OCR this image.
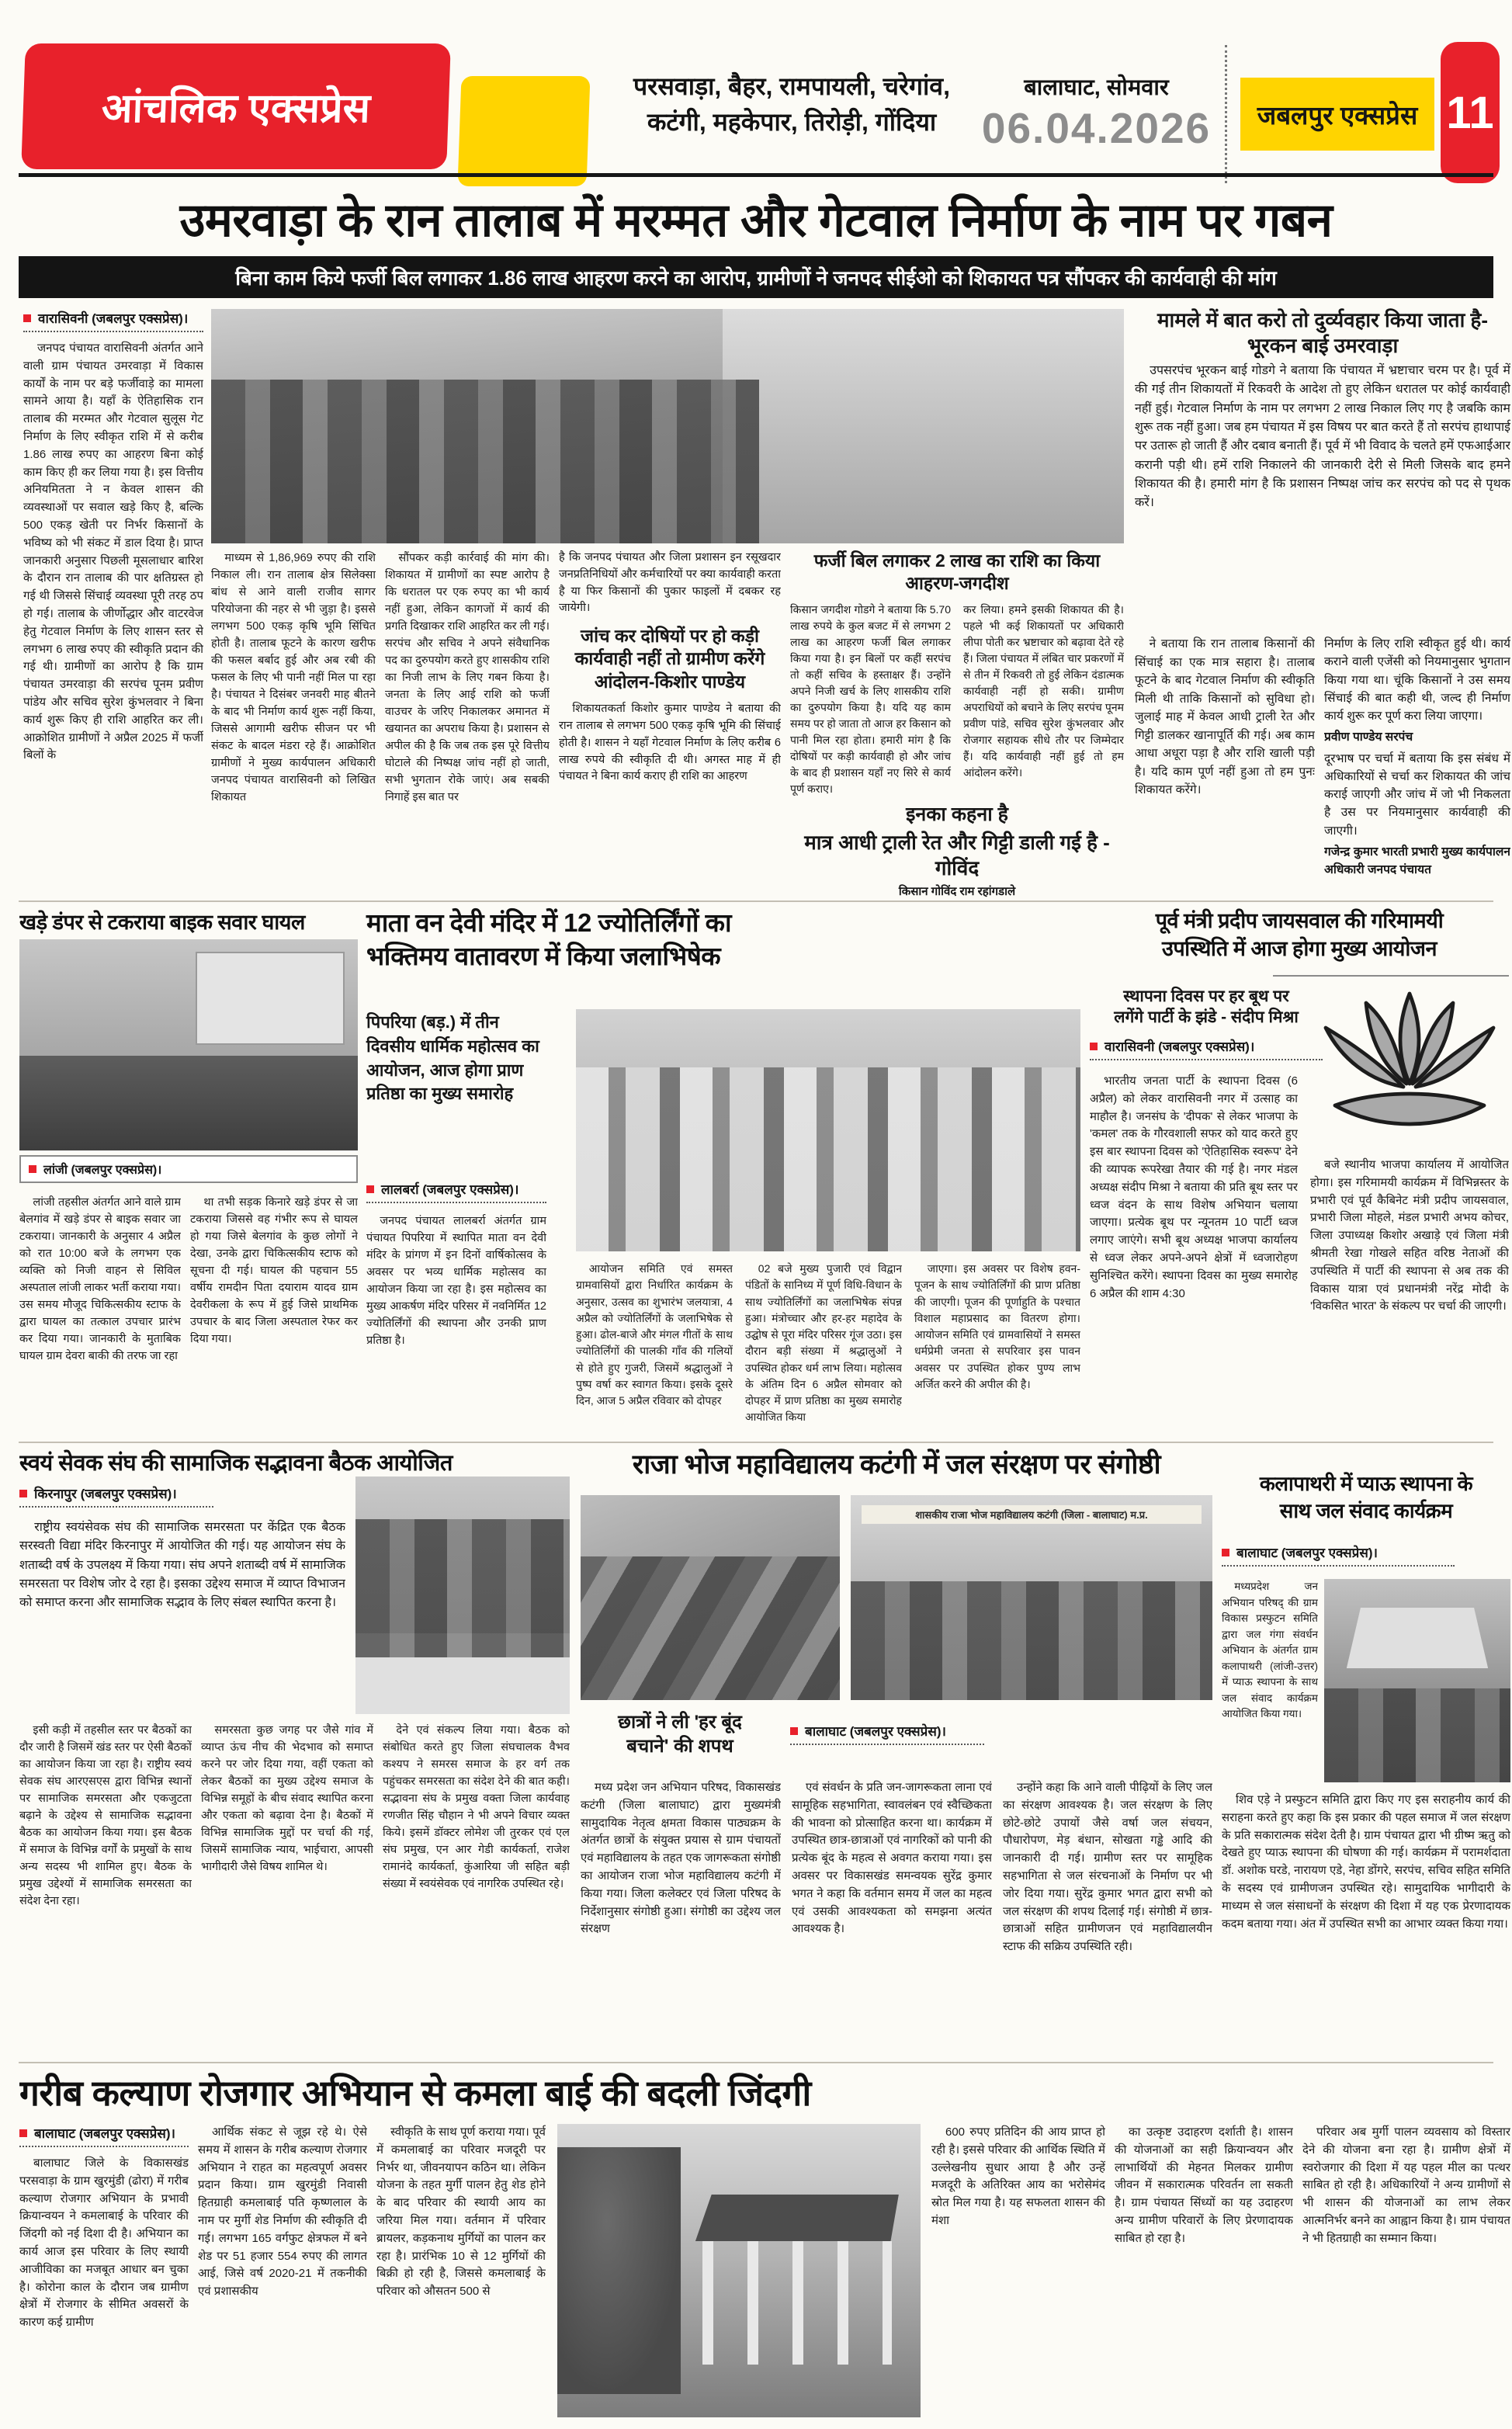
आंचलिक एक्सप्रेस	परसवाड़ा, बैहर, रामपायली, चरेगांव,
कटंगी, महकेपार, तिरोड़ी, गोंदिया
बालाघाट, सोमवार
06.04.2026 जबलपुर एक्सप्रेस 11
उमरवाड़ा के रान तालाब में मरम्मत और गेटवाल निर्माण के नाम पर गबन
बिना काम किये फर्जी बिल लगाकर 1.86 लाख आहरण करने का आरोप, ग्रामीणों ने जनपद सीईओ को शिकायत पत्र सौंपकर की कार्यवाही की मांग
वारासिवनी (जबलपुर एक्सप्रेस)।
जनपद पंचायत वारासिवनी अंतर्गत आने वाली ग्राम पंचायत उमरवाड़ा में विकास कार्यों के नाम पर बड़े फर्जीवाड़े का मामला सामने आया है। यहाँ के ऐतिहासिक रान तालाब की मरम्मत और गेटवाल सुलूस गेट निर्माण के लिए स्वीकृत राशि में से करीब 1.86 लाख रुपए का आहरण बिना कोई काम किए ही कर लिया गया है। इस वित्तीय अनियमितता ने न केवल शासन की व्यवस्थाओं पर सवाल खड़े किए है, बल्कि 500 एकड़ खेती पर निर्भर किसानों के भविष्य को भी संकट में डाल दिया है। प्राप्त जानकारी अनुसार पिछली मूसलाधार बारिश के दौरान रान तालाब की पार क्षतिग्रस्त हो गई थी जिससे सिंचाई व्यवस्था पूरी तरह ठप हो गई। तालाब के जीर्णोद्धार और वाटरवेज हेतु गेटवाल निर्माण के लिए शासन स्तर से लगभग 6 लाख रुपए की स्वीकृति प्रदान की गई थी। ग्रामीणों का आरोप है कि ग्राम पंचायत उमरवाड़ा की सरपंच पूनम प्रवीण पांडेय और सचिव सुरेश कुंभलवार ने बिना कार्य शुरू किए ही राशि आहरित कर ली। आक्रोशित ग्रामीणों ने अप्रैल 2025 में फर्जी बिलों के
मामले में बात करो तो दुर्व्यवहार किया जाता है-भूरकन बाई उमरवाड़ा
उपसरपंच भूरकन बाई गोडगे ने बताया कि पंचायत में भ्रष्टाचार चरम पर है। पूर्व में की गई तीन शिकायतों में रिकवरी के आदेश तो हुए लेकिन धरातल पर कोई कार्यवाही नहीं हुई। गेटवाल निर्माण के नाम पर लगभग 2 लाख निकाल लिए गए है जबकि काम शुरू तक नहीं हुआ। जब हम पंचायत में इस विषय पर बात करते हैं तो सरपंच हाथापाई पर उतारू हो जाती हैं और दबाव बनाती हैं। पूर्व में भी विवाद के चलते हमें एफआईआर करानी पड़ी थी। हमें राशि निकालने की जानकारी देरी से मिली जिसके बाद हमने शिकायत की है। हमारी मांग है कि प्रशासन निष्पक्ष जांच कर सरपंच को पद से पृथक करें।
ने बताया कि रान तालाब किसानों की सिंचाई का एक मात्र सहारा है। तालाब फूटने के बाद गेटवाल निर्माण की स्वीकृति मिली थी ताकि किसानों को सुविधा हो। जुलाई माह में केवल आधी ट्राली रेत और गिट्टी डालकर खानापूर्ति की गई। अब काम आधा अधूरा पड़ा है और राशि खाली पड़ी है। यदि काम पूर्ण नहीं हुआ तो हम पुनः शिकायत करेंगे।
निर्माण के लिए राशि स्वीकृत हुई थी। कार्य कराने वाली एजेंसी को नियमानुसार भुगतान किया गया था। चूंकि किसानों ने उस समय सिंचाई की बात कही थी, जल्द ही निर्माण कार्य शुरू कर पूर्ण करा लिया जाएगा।
प्रवीण पाण्डेय सरपंच
दूरभाष पर चर्चा में बताया कि इस संबंध में अधिकारियों से चर्चा कर शिकायत की जांच कराई जाएगी और जांच में जो भी निकलता है उस पर नियमानुसार कार्यवाही की जाएगी।
गजेन्द्र कुमार भारती प्रभारी मुख्य कार्यपालन अधिकारी जनपद पंचायत
माध्यम से 1,86,969 रुपए की राशि निकाल ली। रान तालाब क्षेत्र सिलेक्सा बांध से आने वाली राजीव सागर परियोजना की नहर से भी जुड़ा है। इससे लगभग 500 एकड़ कृषि भूमि सिंचित होती है। तालाब फूटने के कारण खरीफ की फसल बर्बाद हुई और अब रबी की फसल के लिए भी पानी नहीं मिल पा रहा है। पंचायत ने दिसंबर जनवरी माह बीतने के बाद भी निर्माण कार्य शुरू नहीं किया, जिससे आगामी खरीफ सीजन पर भी संकट के बादल मंडरा रहे हैं। आक्रोशित ग्रामीणों ने मुख्य कार्यपालन अधिकारी जनपद पंचायत वारासिवनी को लिखित शिकायत
सौंपकर कड़ी कार्रवाई की मांग की। शिकायत में ग्रामीणों का स्पष्ट आरोप है कि धरातल पर एक रुपए का भी कार्य नहीं हुआ, लेकिन कागजों में कार्य की प्रगति दिखाकर राशि आहरित कर ली गई। सरपंच और सचिव ने अपने संवैधानिक पद का दुरुपयोग करते हुए शासकीय राशि का निजी लाभ के लिए गबन किया है। जनता के लिए आई राशि को फर्जी वाउचर के जरिए निकालकर अमानत में खयानत का अपराध किया है। प्रशासन से अपील की है कि जब तक इस पूरे वित्तीय घोटाले की निष्पक्ष जांच नहीं हो जाती, सभी भुगतान रोके जाएं। अब सबकी निगाहें इस बात पर
है कि जनपद पंचायत और जिला प्रशासन इन रसूखदार जनप्रतिनिधियों और कर्मचारियों पर क्या कार्यवाही करता है या फिर किसानों की पुकार फाइलों में दबकर रह जायेगी।
जांच कर दोषियों पर हो कड़ी कार्यवाही नहीं तो ग्रामीण करेंगे आंदोलन-किशोर पाण्डेय
शिकायतकर्ता किशोर कुमार पाण्डेय ने बताया की रान तालाब से लगभग 500 एकड़ कृषि भूमि की सिंचाई होती है। शासन ने यहाँ गेटवाल निर्माण के लिए करीब 6 लाख रुपये की स्वीकृति दी थी। अगस्त माह में ही पंचायत ने बिना कार्य कराए ही राशि का आहरण
फर्जी बिल लगाकर 2 लाख का राशि का किया आहरण-जगदीश
किसान जगदीश गोडगे ने बताया कि 5.70 लाख रुपये के कुल बजट में से लगभग 2 लाख का आहरण फर्जी बिल लगाकर किया गया है। इन बिलों पर कहीं सरपंच तो कहीं सचिव के हस्ताक्षर हैं। उन्होंने अपने निजी खर्च के लिए शासकीय राशि का दुरुपयोग किया है। यदि यह काम समय पर हो जाता तो आज हर किसान को पानी मिल रहा होता। हमारी मांग है कि दोषियों पर कड़ी कार्यवाही हो और जांच के बाद ही प्रशासन यहाँ नए सिरे से कार्य पूर्ण कराए।
कर लिया। हमने इसकी शिकायत की है। पहले भी कई शिकायतों पर अधिकारी लीपा पोती कर भ्रष्टाचार को बढ़ावा देते रहे हैं। जिला पंचायत में लंबित चार प्रकरणों में से तीन में रिकवरी तो हुई लेकिन दंडात्मक कार्यवाही नहीं हो सकी। ग्रामीण अपराधियों को बचाने के लिए सरपंच पूनम प्रवीण पांडे, सचिव सुरेश कुंभलवार और रोजगार सहायक सीधे तौर पर जिम्मेदार हैं। यदि कार्यवाही नहीं हुई तो हम आंदोलन करेंगे।
इनका कहना है
मात्र आधी ट्राली रेत और गिट्टी डाली गई है - गोविंद
किसान गोविंद राम रहांगडाले
खड़े डंपर से टकराया बाइक सवार घायल
लांजी (जबलपुर एक्सप्रेस)।
लांजी तहसील अंतर्गत आने वाले ग्राम बेलगांव में खड़े डंपर से बाइक सवार जा टकराया। जानकारी के अनुसार 4 अप्रैल को रात 10:00 बजे के लगभग एक व्यक्ति को निजी वाहन से सिविल अस्पताल लांजी लाकर भर्ती कराया गया। उस समय मौजूद चिकित्सकीय स्टाफ के द्वारा घायल का तत्काल उपचार प्रारंभ कर दिया गया। जानकारी के मुताबिक घायल ग्राम देवरा बाकी की तरफ जा रहा
था तभी सड़क किनारे खड़े डंपर से जा टकराया जिससे वह गंभीर रूप से घायल हो गया जिसे बेलगांव के कुछ लोगों ने देखा, उनके द्वारा चिकित्सकीय स्टाफ को सूचना दी गई। घायल की पहचान 55 वर्षीय रामदीन पिता दयाराम यादव ग्राम देवरीकला के रूप में हुई जिसे प्राथमिक उपचार के बाद जिला अस्पताल रेफर कर दिया गया।
माता वन देवी मंदिर में 12 ज्योतिर्लिंगों का
भक्तिमय वातावरण में किया जलाभिषेक
पिपरिया (बड़.) में तीन दिवसीय धार्मिक महोत्सव का आयोजन, आज होगा प्राण प्रतिष्ठा का मुख्य समारोह
लालबर्रा (जबलपुर एक्सप्रेस)।
जनपद पंचायत लालबर्रा अंतर्गत ग्राम पंचायत पिपरिया में स्थापित माता वन देवी मंदिर के प्रांगण में इन दिनों वार्षिकोत्सव के अवसर पर भव्य धार्मिक महोत्सव का आयोजन किया जा रहा है। इस महोत्सव का मुख्य आकर्षण मंदिर परिसर में नवनिर्मित 12 ज्योतिर्लिंगों की स्थापना और उनकी प्राण प्रतिष्ठा है।
आयोजन समिति एवं समस्त ग्रामवासियों द्वारा निर्धारित कार्यक्रम के अनुसार, उत्सव का शुभारंभ जलयात्रा, 4 अप्रैल को ज्योतिर्लिंगों के जलाभिषेक से हुआ। ढोल-बाजे और मंगल गीतों के साथ ज्योतिर्लिंगों की पालकी गाँव की गलियों से होते हुए गुजरी, जिसमें श्रद्धालुओं ने पुष्प वर्षा कर स्वागत किया। इसके दूसरे दिन, आज 5 अप्रैल रविवार को दोपहर
02 बजे मुख्य पुजारी एवं विद्वान पंडितों के सानिध्य में पूर्ण विधि-विधान के साथ ज्योतिर्लिंगों का जलाभिषेक संपन्न हुआ। मंत्रोच्चार और हर-हर महादेव के उद्घोष से पूरा मंदिर परिसर गूंज उठा। इस दौरान बड़ी संख्या में श्रद्धालुओं ने उपस्थित होकर धर्म लाभ लिया। महोत्सव के अंतिम दिन 6 अप्रैल सोमवार को दोपहर में प्राण प्रतिष्ठा का मुख्य समारोह आयोजित किया
जाएगा। इस अवसर पर विशेष हवन-पूजन के साथ ज्योतिर्लिंगों की प्राण प्रतिष्ठा की जाएगी। पूजन की पूर्णाहुति के पश्चात विशाल महाप्रसाद का वितरण होगा। आयोजन समिति एवं ग्रामवासियों ने समस्त धर्मप्रेमी जनता से सपरिवार इस पावन अवसर पर उपस्थित होकर पुण्य लाभ अर्जित करने की अपील की है।
पूर्व मंत्री प्रदीप जायसवाल की गरिमामयी
उपस्थिति में आज होगा मुख्य आयोजन
स्थापना दिवस पर हर बूथ पर
लगेंगे पार्टी के झंडे - संदीप मिश्रा
वारासिवनी (जबलपुर एक्सप्रेस)।
भारतीय जनता पार्टी के स्थापना दिवस (6 अप्रैल) को लेकर वारासिवनी नगर में उत्साह का माहौल है। जनसंघ के 'दीपक' से लेकर भाजपा के 'कमल' तक के गौरवशाली सफर को याद करते हुए इस बार स्थापना दिवस को 'ऐतिहासिक स्वरूप' देने की व्यापक रूपरेखा तैयार की गई है। नगर मंडल अध्यक्ष संदीप मिश्रा ने बताया की प्रति बूथ स्तर पर ध्वज वंदन के साथ विशेष अभियान चलाया जाएगा। प्रत्येक बूथ पर न्यूनतम 10 पार्टी ध्वज लगाए जाएंगे। सभी बूथ अध्यक्ष भाजपा कार्यालय से ध्वज लेकर अपने-अपने क्षेत्रों में ध्वजारोहण सुनिश्चित करेंगे। स्थापना दिवस का मुख्य समारोह 6 अप्रैल की शाम 4:30
बजे स्थानीय भाजपा कार्यालय में आयोजित होगा। इस गरिमामयी कार्यक्रम में विभिन्नस्तर के प्रभारी एवं पूर्व कैबिनेट मंत्री प्रदीप जायसवाल, प्रभारी जिला मोहले, मंडल प्रभारी अभय कोचर, जिला उपाध्यक्ष किशोर अखाड़े एवं जिला मंत्री श्रीमती रेखा गोखले सहित वरिष्ठ नेताओं की उपस्थिति में पार्टी की स्थापना से अब तक की विकास यात्रा एवं प्रधानमंत्री नरेंद्र मोदी के 'विकसित भारत' के संकल्प पर चर्चा की जाएगी।
स्वयं सेवक संघ की सामाजिक सद्भावना बैठक आयोजित
किरनापुर (जबलपुर एक्सप्रेस)।
राष्ट्रीय स्वयंसेवक संघ की सामाजिक समरसता पर केंद्रित एक बैठक सरस्वती विद्या मंदिर किरनापुर में आयोजित की गई। यह आयोजन संघ के शताब्दी वर्ष के उपलक्ष्य में किया गया। संघ अपने शताब्दी वर्ष में सामाजिक समरसता पर विशेष जोर दे रहा है। इसका उद्देश्य समाज में व्याप्त विभाजन को समाप्त करना और सामाजिक सद्भाव के लिए संबल स्थापित करना है।
इसी कड़ी में तहसील स्तर पर बैठकों का दौर जारी है जिसमें खंड स्तर पर ऐसी बैठकों का आयोजन किया जा रहा है। राष्ट्रीय स्वयं सेवक संघ आरएसएस द्वारा विभिन्न स्थानों पर सामाजिक समरसता और एकजुटता बढ़ाने के उद्देश्य से सामाजिक सद्भावना बैठक का आयोजन किया गया। इस बैठक में समाज के विभिन्न वर्गों के प्रमुखों के साथ अन्य सदस्य भी शामिल हुए। बैठक के प्रमुख उद्देश्यों में सामाजिक समरसता का संदेश देना रहा।
समरसता कुछ जगह पर जैसे गांव में व्याप्त ऊंच नीच की भेदभाव को समाप्त करने पर जोर दिया गया, वहीं एकता को लेकर बैठकों का मुख्य उद्देश्य समाज के विभिन्न समूहों के बीच संवाद स्थापित करना और एकता को बढ़ावा देना है। बैठकों में विभिन्न सामाजिक मुद्दों पर चर्चा की गई, जिसमें सामाजिक न्याय, भाईचारा, आपसी भागीदारी जैसे विषय शामिल थे।
देने एवं संकल्प लिया गया। बैठक को संबोधित करते हुए जिला संघचालक वैभव कश्यप ने समरस समाज के हर वर्ग तक पहुंचकर समरसता का संदेश देने की बात कही। सद्भावना संघ के प्रमुख वक्ता जिला कार्यवाह रणजीत सिंह चौहान ने भी अपने विचार व्यक्त किये। इसमें डॉक्टर लोमेश जी तुरकर एवं एल संघ प्रमुख, एन आर गेडी कार्यकर्ता, राजेश रामानंदे कार्यकर्ता, कुंआरिया जी सहित बड़ी संख्या में स्वयंसेवक एवं नागरिक उपस्थित रहे।
राजा भोज महाविद्यालय कटंगी में जल संरक्षण पर संगोष्ठी
शासकीय राजा भोज महाविद्यालय कटंगी (जिला - बालाघाट) म.प्र.
छात्रों ने ली 'हर बूंद
बचाने' की शपथ
बालाघाट (जबलपुर एक्सप्रेस)।
मध्य प्रदेश जन अभियान परिषद, विकासखंड कटंगी (जिला बालाघाट) द्वारा मुख्यमंत्री सामुदायिक नेतृत्व क्षमता विकास पाठ्यक्रम के अंतर्गत छात्रों के संयुक्त प्रयास से ग्राम पंचायतों एवं महाविद्यालय के तहत एक जागरूकता संगोष्ठी का आयोजन राजा भोज महाविद्यालय कटंगी में किया गया। जिला कलेक्टर एवं जिला परिषद के निर्देशानुसार संगोष्ठी हुआ। संगोष्ठी का उद्देश्य जल संरक्षण
एवं संवर्धन के प्रति जन-जागरूकता लाना एवं सामूहिक सहभागिता, स्वावलंबन एवं स्वैच्छिकता की भावना को प्रोत्साहित करना था। कार्यक्रम में उपस्थित छात्र-छात्राओं एवं नागरिकों को पानी की प्रत्येक बूंद के महत्व से अवगत कराया गया। इस अवसर पर विकासखंड समन्वयक सुरेंद्र कुमार भगत ने कहा कि वर्तमान समय में जल का महत्व एवं उसकी आवश्यकता को समझना अत्यंत आवश्यक है।
उन्होंने कहा कि आने वाली पीढ़ियों के लिए जल का संरक्षण आवश्यक है। जल संरक्षण के लिए छोटे-छोटे उपायों जैसे वर्षा जल संचयन, पौधारोपण, मेड़ बंधान, सोखता गड्ढे आदि की जानकारी दी गई। ग्रामीण स्तर पर सामूहिक सहभागिता से जल संरचनाओं के निर्माण पर भी जोर दिया गया। सुरेंद्र कुमार भगत द्वारा सभी को जल संरक्षण की शपथ दिलाई गई। संगोष्ठी में छात्र-छात्राओं सहित ग्रामीणजन एवं महाविद्यालयीन स्टाफ की सक्रिय उपस्थिति रही।
कलापाथरी में प्याऊ स्थापना के
साथ जल संवाद कार्यक्रम
बालाघाट (जबलपुर एक्सप्रेस)।
मध्यप्रदेश जन अभियान परिषद् की ग्राम विकास प्रस्फुटन समिति द्वारा जल गंगा संवर्धन अभियान के अंतर्गत ग्राम कलापाथरी (लांजी-उत्तर) में प्याऊ स्थापना के साथ जल संवाद कार्यक्रम आयोजित किया गया।
शिव एड़े ने प्रस्फुटन समिति द्वारा किए गए इस सराहनीय कार्य की सराहना करते हुए कहा कि इस प्रकार की पहल समाज में जल संरक्षण के प्रति सकारात्मक संदेश देती है। ग्राम पंचायत द्वारा भी ग्रीष्म ऋतु को देखते हुए प्याऊ स्थापना की घोषणा की गई। कार्यक्रम में परामर्शदाता डॉ. अशोक घरडे, नारायण एडे, नेहा डोंगरे, सरपंच, सचिव सहित समिति के सदस्य एवं ग्रामीणजन उपस्थित रहे। सामुदायिक भागीदारी के माध्यम से जल संसाधनों के संरक्षण की दिशा में यह एक प्रेरणादायक कदम बताया गया। अंत में उपस्थित सभी का आभार व्यक्त किया गया।
गरीब कल्याण रोजगार अभियान से कमला बाई की बदली जिंदगी
बालाघाट (जबलपुर एक्सप्रेस)।
बालाघाट जिले के विकासखंड परसवाड़ा के ग्राम खुरमुंडी (ढोरा) में गरीब कल्याण रोजगार अभियान के प्रभावी क्रियान्वयन ने कमलाबाई के परिवार की जिंदगी को नई दिशा दी है। अभियान का कार्य आज इस परिवार के लिए स्थायी आजीविका का मजबूत आधार बन चुका है। कोरोना काल के दौरान जब ग्रामीण क्षेत्रों में रोजगार के सीमित अवसरों के कारण कई ग्रामीण
आर्थिक संकट से जूझ रहे थे। ऐसे समय में शासन के गरीब कल्याण रोजगार अभियान ने राहत का महत्वपूर्ण अवसर प्रदान किया। ग्राम खुरमुंडी निवासी हितग्राही कमलाबाई पति कृष्णलाल के नाम पर मुर्गी शेड निर्माण की स्वीकृति दी गई। लगभग 165 वर्गफुट क्षेत्रफल में बने शेड पर 51 हजार 554 रुपए की लागत आई, जिसे वर्ष 2020-21 में तकनीकी एवं प्रशासकीय
स्वीकृति के साथ पूर्ण कराया गया। पूर्व में कमलाबाई का परिवार मजदूरी पर निर्भर था, जीवनयापन कठिन था। लेकिन योजना के तहत मुर्गी पालन हेतु शेड होने के बाद परिवार की स्थायी आय का जरिया मिल गया। वर्तमान में परिवार ब्रायलर, कड़कनाथ मुर्गियों का पालन कर रहा है। प्रारंभिक 10 से 12 मुर्गियों की बिक्री हो रही है, जिससे कमलाबाई के परिवार को औसतन 500 से
600 रुपए प्रतिदिन की आय प्राप्त हो रही है। इससे परिवार की आर्थिक स्थिति में उल्लेखनीय सुधार आया है और उन्हें मजदूरी के अतिरिक्त आय का भरोसेमंद स्रोत मिल गया है। यह सफलता शासन की मंशा
का उत्कृष्ट उदाहरण दर्शाती है। शासन की योजनाओं का सही क्रियान्वयन और लाभार्थियों की मेहनत मिलकर ग्रामीण जीवन में सकारात्मक परिवर्तन ला सकती है। ग्राम पंचायत सिंध्यों का यह उदाहरण अन्य ग्रामीण परिवारों के लिए प्रेरणादायक साबित हो रहा है।
परिवार अब मुर्गी पालन व्यवसाय को विस्तार देने की योजना बना रहा है। ग्रामीण क्षेत्रों में स्वरोजगार की दिशा में यह पहल मील का पत्थर साबित हो रही है। अधिकारियों ने अन्य ग्रामीणों से भी शासन की योजनाओं का लाभ लेकर आत्मनिर्भर बनने का आह्वान किया है। ग्राम पंचायत ने भी हितग्राही का सम्मान किया।
